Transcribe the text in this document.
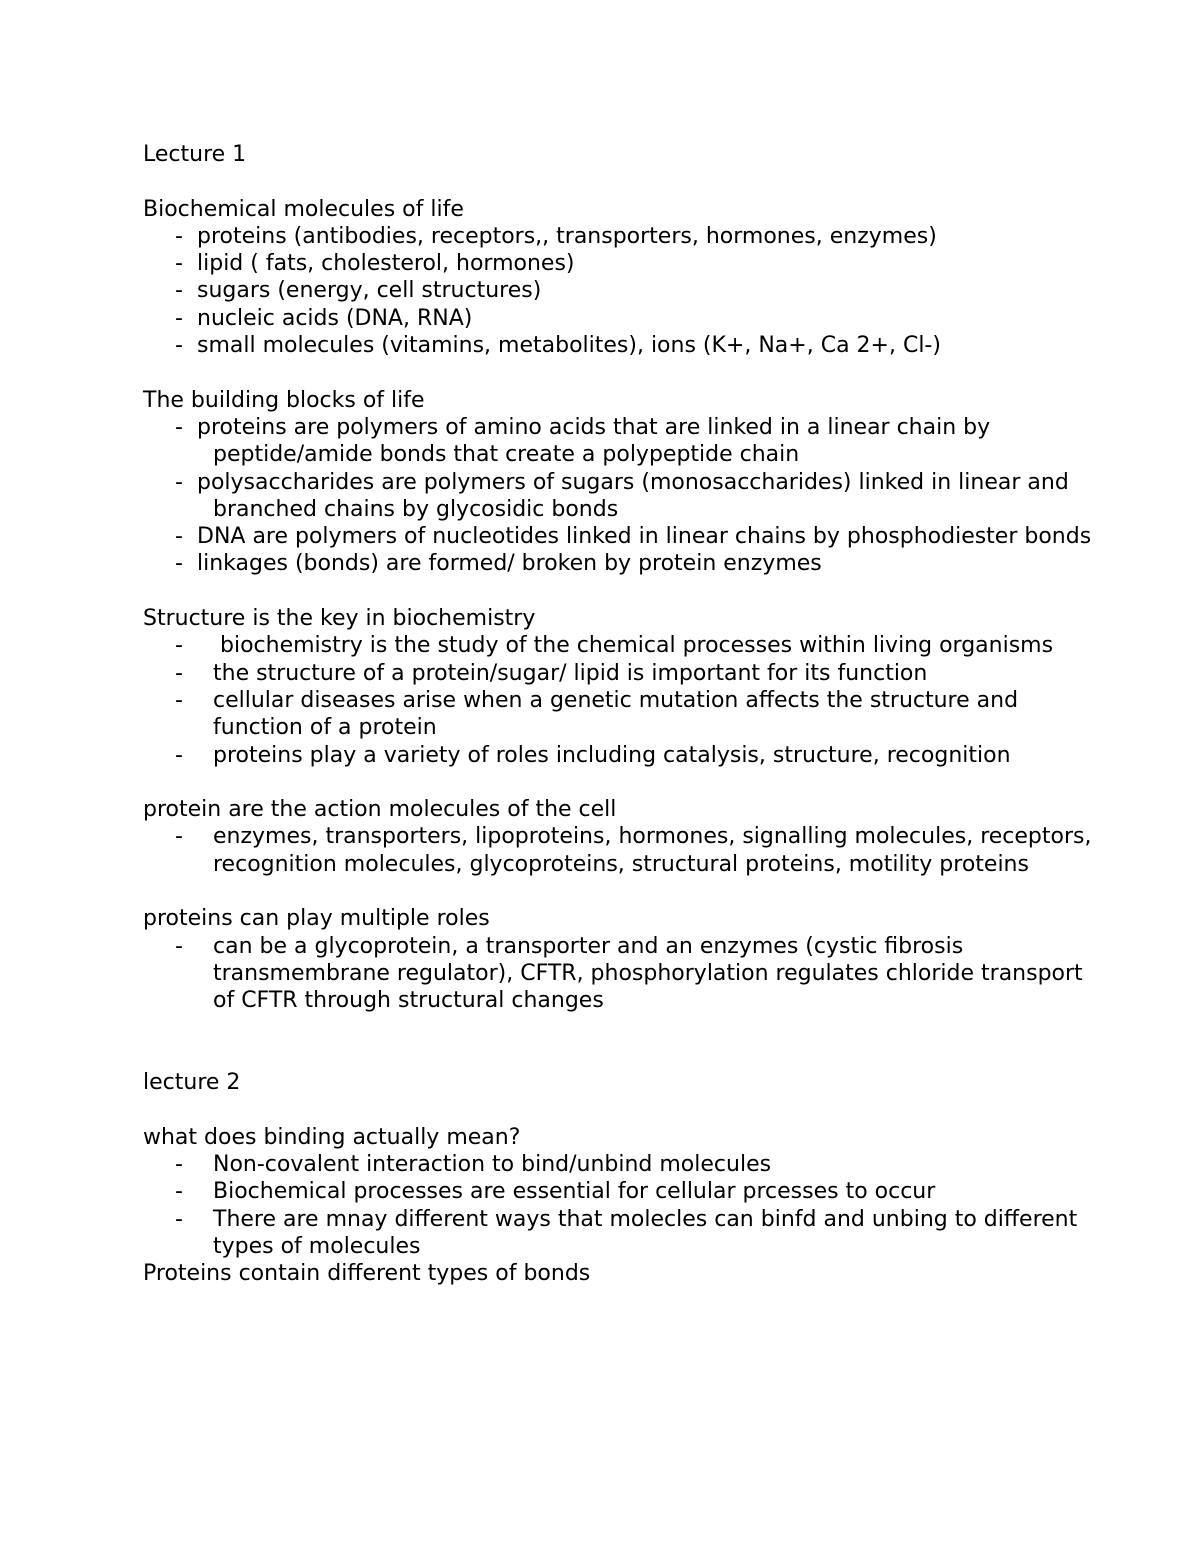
Lecture 1
Biochemical molecules of life
- proteins (antibodies, receptors,, transporters, hormones, enzymes)
- lipid ( fats, cholesterol, hormones)
- sugars (energy, cell structures)
- nucleic acids (DNA, RNA)
- small molecules (vitamins, metabolites), ions (K+, Na+, Ca 2+, Cl-)
The building blocks of life
- proteins are polymers of amino acids that are linked in a linear chain by peptide/amide bonds that create a polypeptide chain
- polysaccharides are polymers of sugars (monosaccharides) linked in linear and branched chains by glycosidic bonds
- DNA are polymers of nucleotides linked in linear chains by phosphodiester bonds
- linkages (bonds) are formed/ broken by protein enzymes
Structure is the key in biochemistry
- biochemistry is the study of the chemical processes within living organisms
- the structure of a protein/sugar/ lipid is important for its function
- cellular diseases arise when a genetic mutation affects the structure and function of a protein
- proteins play a variety of roles including catalysis, structure, recognition
protein are the action molecules of the cell
- enzymes, transporters, lipoproteins, hormones, signalling molecules, receptors, recognition molecules, glycoproteins, structural proteins, motility proteins
proteins can play multiple roles
- can be a glycoprotein, a transporter and an enzymes (cystic fibrosis transmembrane regulator), CFTR, phosphorylation regulates chloride transport of CFTR through structural changes
lecture 2
what does binding actually mean?
- Non-covalent interaction to bind/unbind molecules
- Biochemical processes are essential for cellular prcesses to occur
- There are mnay different ways that molecles can binfd and unbing to different types of molecules
Proteins contain different types of bonds
